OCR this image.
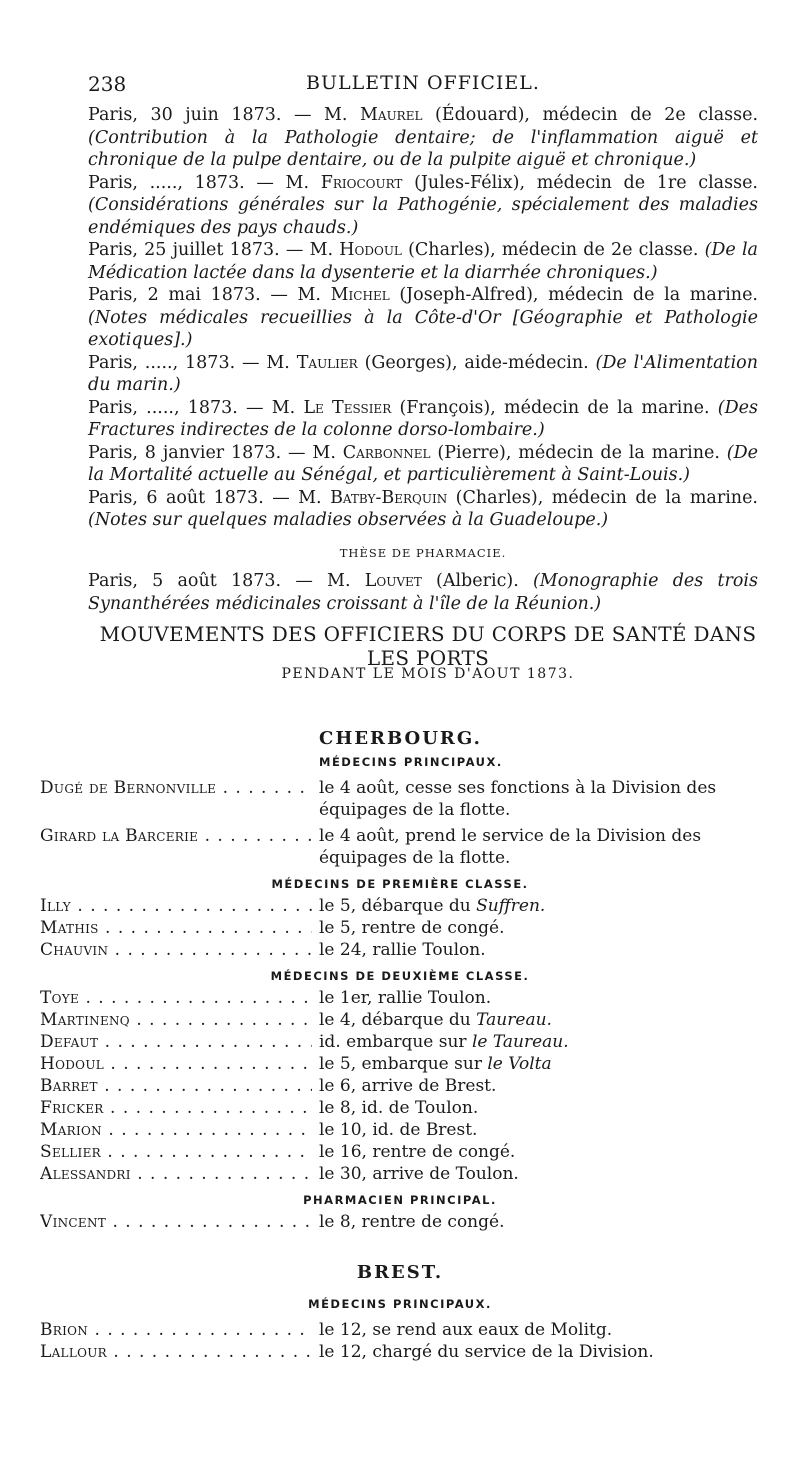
238	BULLETIN OFFICIEL.

Paris, 30 juin 1873. — M. Maurel (Édouard), médecin de 2e classe. (Contribution à la Pathologie dentaire; de l'inflammation aiguë et chronique de la pulpe dentaire, ou de la pulpite aiguë et chronique.)

Paris, ....., 1873. — M. Friocourt (Jules-Félix), médecin de 1re classe. (Considérations générales sur la Pathogénie, spécialement des maladies endémiques des pays chauds.)

Paris, 25 juillet 1873. — M. Hodoul (Charles), médecin de 2e classe. (De la Médication lactée dans la dysenterie et la diarrhée chroniques.)

Paris, 2 mai 1873. — M. Michel (Joseph-Alfred), médecin de la marine. (Notes médicales recueillies à la Côte-d'Or [Géographie et Pathologie exotiques].)

Paris, ....., 1873. — M. Taulier (Georges), aide-médecin. (De l'Alimentation du marin.)

Paris, ....., 1873. — M. Le Tessier (François), médecin de la marine. (Des Fractures indirectes de la colonne dorso-lombaire.)

Paris, 8 janvier 1873. — M. Carbonnel (Pierre), médecin de la marine. (De la Mortalité actuelle au Sénégal, et particulièrement à Saint-Louis.)

Paris, 6 août 1873. — M. Batby-Berquin (Charles), médecin de la marine. (Notes sur quelques maladies observées à la Guadeloupe.)

THÈSE DE PHARMACIE.

Paris, 5 août 1873. — M. Louvet (Alberic). (Monographie des trois Synanthérées médicinales croissant à l'île de la Réunion.)

MOUVEMENTS DES OFFICIERS DU CORPS DE SANTÉ DANS LES PORTS
PENDANT LE MOIS D'AOUT 1873.
CHERBOURG.
MÉDECINS PRINCIPAUX.
Dugé de Bernonville . . .	le 4 août, cesse ses fonctions à la Division des équipages de la flotte.
Girard la Barcerie . . .	le 4 août, prend le service de la Division des équipages de la flotte.
MÉDECINS DE PREMIÈRE CLASSE.
Illy . . .	le 5, débarque du Suffren.
Mathis . . .	le 5, rentre de congé.
Chauvin . . .	le 24, rallie Toulon.
MÉDECINS DE DEUXIÈME CLASSE.
Toye . . .	le 1er, rallie Toulon.
Martinenq . . .	le 4, débarque du Taureau.
Defaut . . .	id. embarque sur le Taureau.
Hodoul . . .	le 5, embarque sur le Volta
Barret . . .	le 6, arrive de Brest.
Fricker . . .	le 8, id. de Toulon.
Marion . . .	le 10, id. de Brest.
Sellier . . .	le 16, rentre de congé.
Alessandri . . .	le 30, arrive de Toulon.
PHARMACIEN PRINCIPAL.
Vincent . . .	le 8, rentre de congé.
BREST.
MÉDECINS PRINCIPAUX.
Brion . . .	le 12, se rend aux eaux de Molitg.
Lallour . . .	le 12, chargé du service de la Division.
